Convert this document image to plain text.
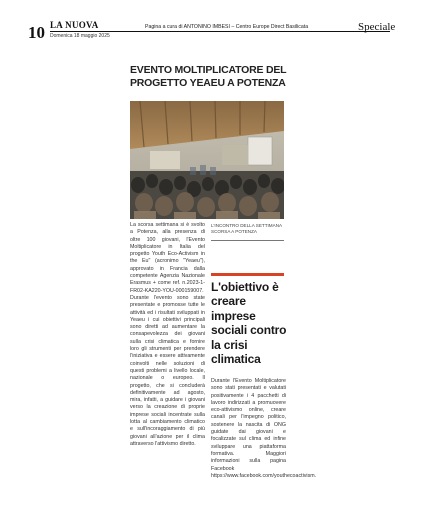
10 LA NUOVA
Domenica 18 maggio 2025
Pagina a cura di ANTONINO IMBESI – Centro Europe Direct Basilicata	Speciale
EVENTO MOLTIPLICATORE DEL PROGETTO YEAEU A POTENZA
La scorsa settimana si è svolto a Potenza, alla presenza di oltre 100 giovani, l'Evento Moltiplicatore in Italia del progetto Youth Eco-Activism in the Eu" (acronimo "Yeaeu"), approvato in Francia dalla competente Agenzia Nazionale Erasmus + come ref. n.2023-1-FR02-KA220-YOU-000159007. Durante l'evento sono state presentate e promosse tutte le attività ed i risultati sviluppati in Yeaeu i cui obiettivi principali sono diretti ad aumentare la consapevolezza dei giovani sulla crisi climatica e fornire loro gli strumenti per prendere l'iniziativa e essere attivamente coinvolti nelle soluzioni di questi problemi a livello locale, nazionale o europeo. Il progetto, che si concluderà definitivamente ad agosto, mira, infatti, a guidare i giovani verso la creazione di proprie imprese sociali incentrate sulla lotta al cambiamento climatico e sull'incoraggiamento di più giovani all'azione per il clima attraverso l'attivismo diretto.
L'INCONTRO DELLA SETTIMANA SCORSA A POTENZA
L'obiettivo è creare imprese sociali contro la crisi climatica
Durante l'Evento Moltiplicatore sono stati presentati e valutati positivamente i 4 pacchetti di lavoro indirizzati a promuovere eco-attivismo online, creare canali per l'impegno politico, sostenere la nascita di ONG guidate dai giovani e focalizzate sul clima ed infine sviluppare una piattaforma formativa. Maggiori informazioni sulla pagina Facebook https://www.facebook.com/youthecoactivism.
